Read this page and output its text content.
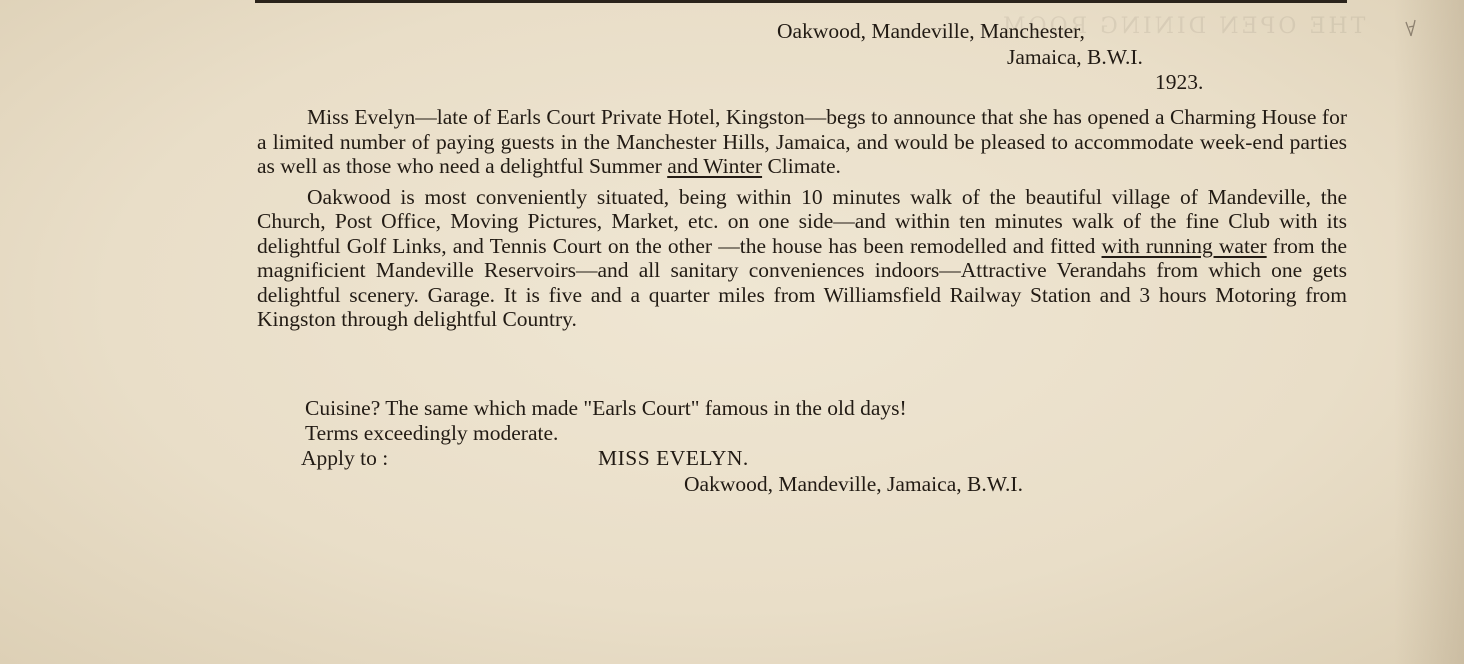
THE OPEN DINING ROOM
Oakwood, Mandeville, Manchester,
Jamaica, B.W.I.
1923.

Miss Evelyn—late of Earls Court Private Hotel, Kingston—begs to announce that she has opened a Charming House for a limited number of paying guests in the Manchester Hills, Jamaica, and would be pleased to accommodate week-end parties as well as those who need a delightful Summer and Winter Climate.

Oakwood is most conveniently situated, being within 10 minutes walk of the beautiful village of Mandeville, the Church, Post Office, Moving Pictures, Market, etc. on one side—and within ten minutes walk of the fine Club with its delightful Golf Links, and Tennis Court on the other —the house has been remodelled and fitted with running water from the magnificient Mandeville Reservoirs—and all sanitary conveniences indoors—Attractive Verandahs from which one gets delightful scenery. Garage. It is five and a quarter miles from Williamsfield Railway Station and 3 hours Motoring from Kingston through delightful Country.

Cuisine? The same which made "Earls Court" famous in the old days!
Terms exceedingly moderate.
Apply to :	MISS EVELYN.
Oakwood, Mandeville, Jamaica, B.W.I.
